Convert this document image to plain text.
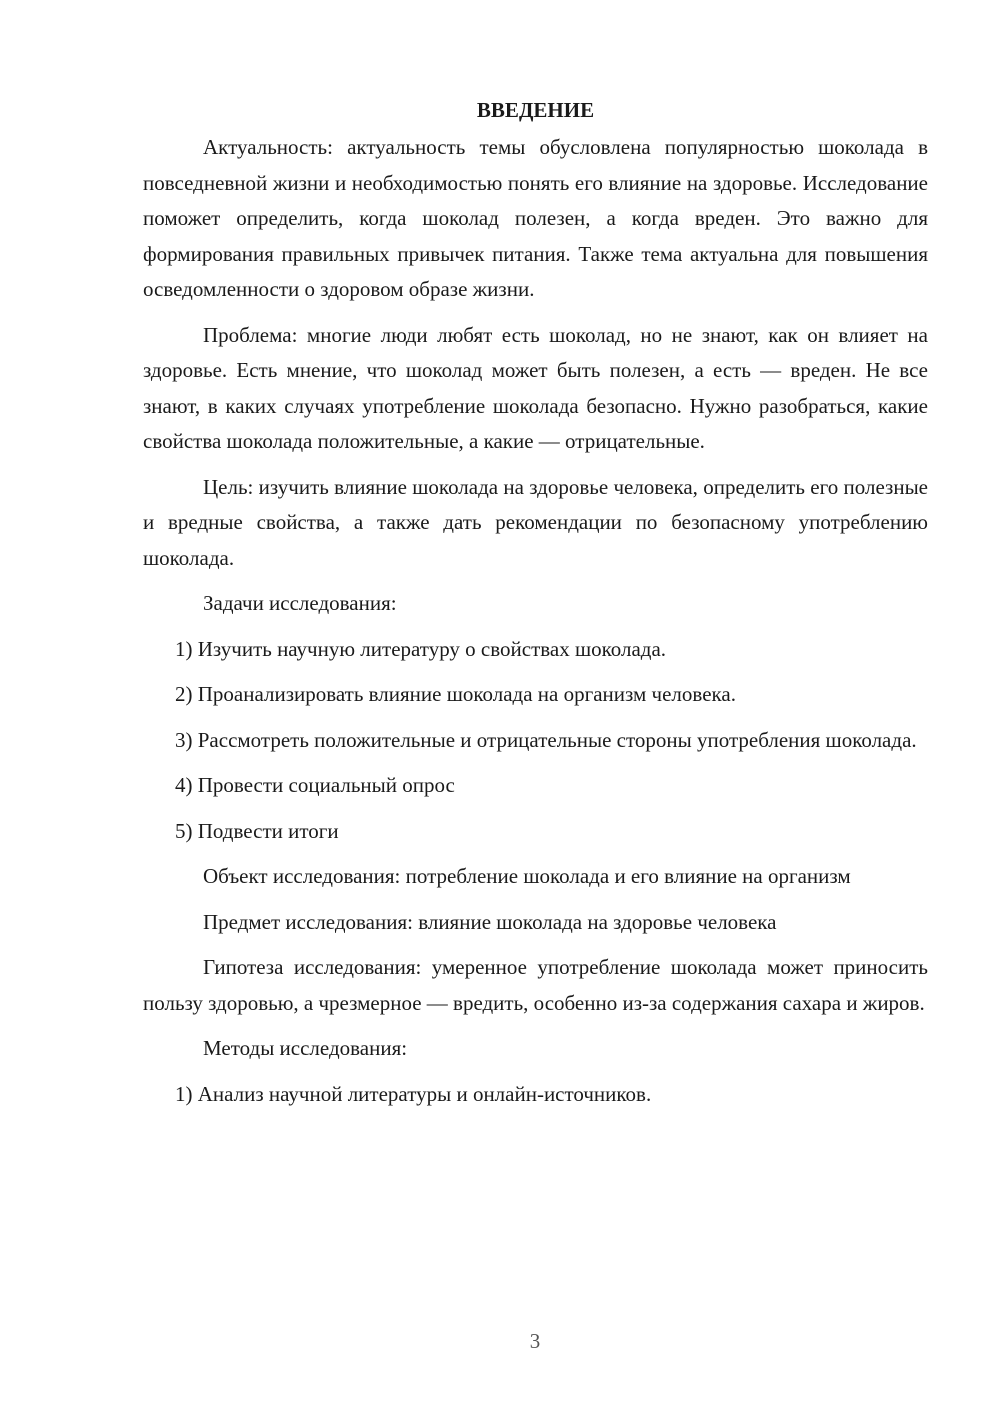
ВВЕДЕНИЕ

Актуальность: актуальность темы обусловлена популярностью шоколада в повседневной жизни и необходимостью понять его влияние на здоровье. Исследование поможет определить, когда шоколад полезен, а когда вреден. Это важно для формирования правильных привычек питания. Также тема актуальна для повышения осведомленности о здоровом образе жизни.

Проблема: многие люди любят есть шоколад, но не знают, как он влияет на здоровье. Есть мнение, что шоколад может быть полезен, а есть — вреден. Не все знают, в каких случаях употребление шоколада безопасно. Нужно разобраться, какие свойства шоколада положительные, а какие — отрицательные.

Цель: изучить влияние шоколада на здоровье человека, определить его полезные и вредные свойства, а также дать рекомендации по безопасному употреблению шоколада.

Задачи исследования:

1) Изучить научную литературу о свойствах шоколада.

2) Проанализировать влияние шоколада на организм человека.

3) Рассмотреть положительные и отрицательные стороны употребления шоколада.

4) Провести социальный опрос

5) Подвести итоги

Объект исследования: потребление шоколада и его влияние на организм

Предмет исследования: влияние шоколада на здоровье человека

Гипотеза исследования: умеренное употребление шоколада может приносить пользу здоровью, а чрезмерное — вредить, особенно из-за содержания сахара и жиров.

Методы исследования:

1) Анализ научной литературы и онлайн-источников.

3
